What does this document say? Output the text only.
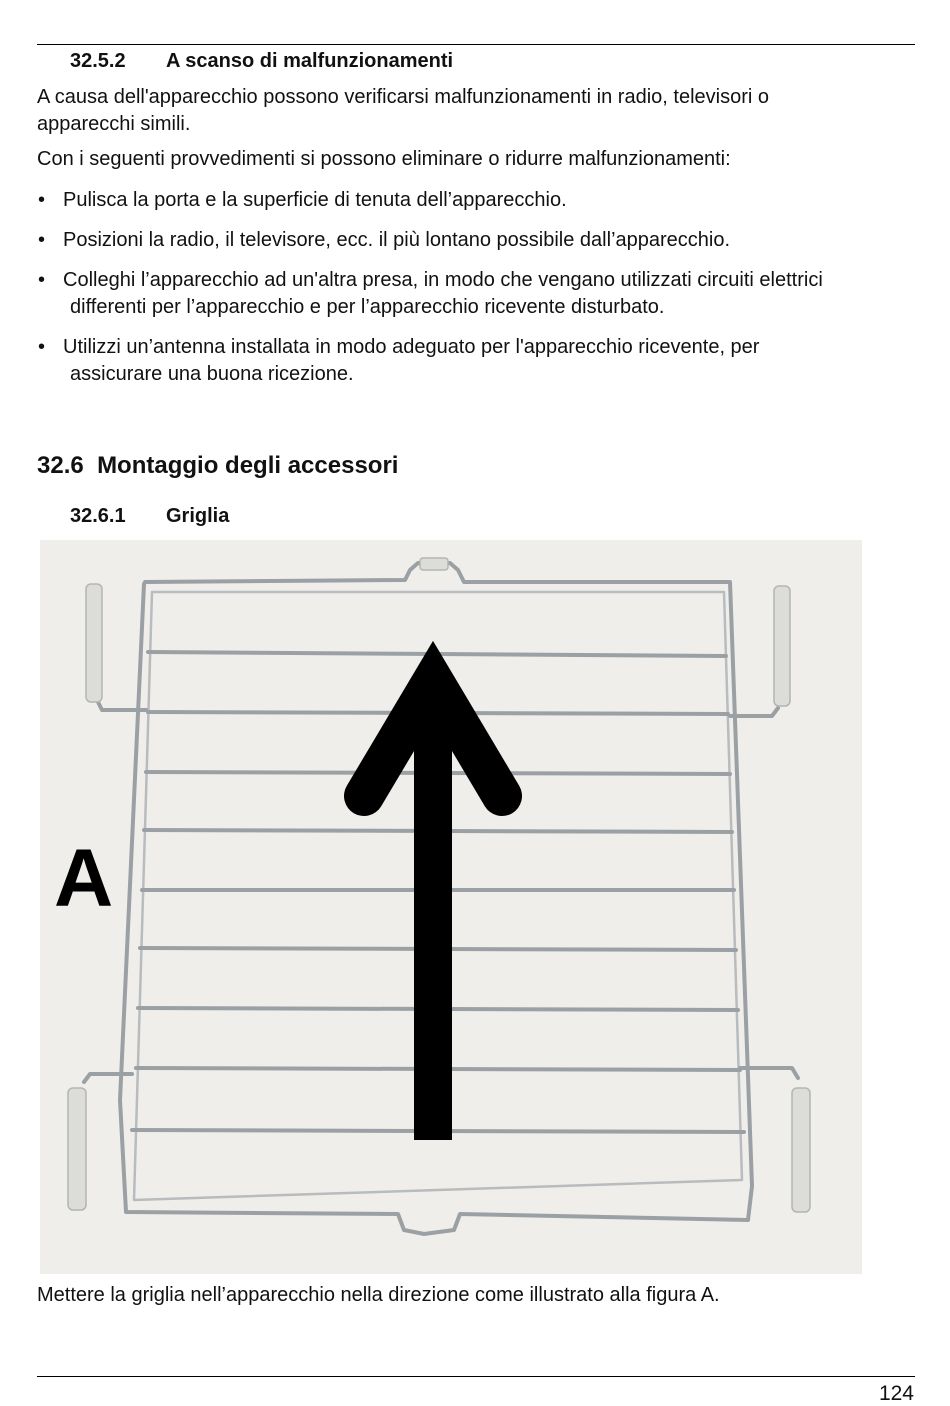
32.5.2 A scanso di malfunzionamenti
A causa dell'apparecchio possono verificarsi malfunzionamenti in radio, televisori o
apparecchi simili.
Con i seguenti provvedimenti si possono eliminare o ridurre malfunzionamenti:
• Pulisca la porta e la superficie di tenuta dell’apparecchio.
• Posizioni la radio, il televisore, ecc. il più lontano possibile dall’apparecchio.
• Colleghi l’apparecchio ad un'altra presa, in modo che vengano utilizzati circuiti elettrici
differenti per l’apparecchio e per l’apparecchio ricevente disturbato.
• Utilizzi un’antenna installata in modo adeguato per l'apparecchio ricevente, per
assicurare una buona ricezione.
32.6 Montaggio degli accessori
32.6.1 Griglia
A
Mettere la griglia nell’apparecchio nella direzione come illustrato alla figura A.
124
